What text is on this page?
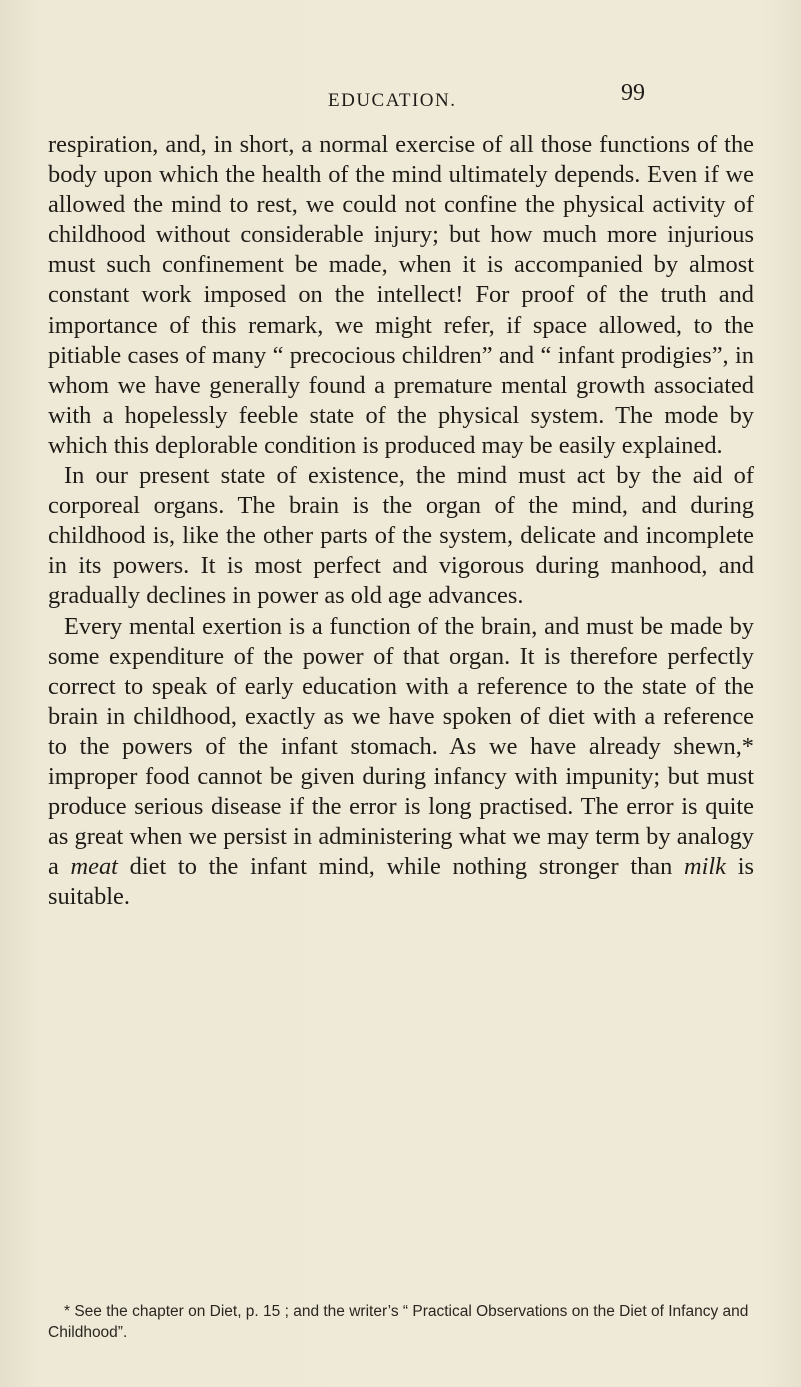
EDUCATION.	99

respiration, and, in short, a normal exercise of all those functions of the body upon which the health of the mind ultimately depends. Even if we allowed the mind to rest, we could not confine the physical activity of childhood without considerable injury; but how much more injurious must such confinement be made, when it is accompanied by almost constant work imposed on the intellect! For proof of the truth and importance of this remark, we might refer, if space allowed, to the pitiable cases of many “ precocious children” and “ infant prodigies”, in whom we have generally found a premature mental growth associated with a hopelessly feeble state of the physical system. The mode by which this deplorable condition is produced may be easily explained.

In our present state of existence, the mind must act by the aid of corporeal organs. The brain is the organ of the mind, and during childhood is, like the other parts of the system, delicate and incomplete in its powers. It is most perfect and vigorous during manhood, and gradually declines in power as old age advances.

Every mental exertion is a function of the brain, and must be made by some expenditure of the power of that organ. It is therefore perfectly correct to speak of early education with a reference to the state of the brain in childhood, exactly as we have spoken of diet with a reference to the powers of the infant stomach. As we have already shewn,* improper food cannot be given during infancy with impunity; but must produce serious disease if the error is long practised. The error is quite as great when we persist in administering what we may term by analogy a meat diet to the infant mind, while nothing stronger than milk is suitable.

* See the chapter on Diet, p. 15 ; and the writer’s “ Practical Observations on the Diet of Infancy and Childhood”.
